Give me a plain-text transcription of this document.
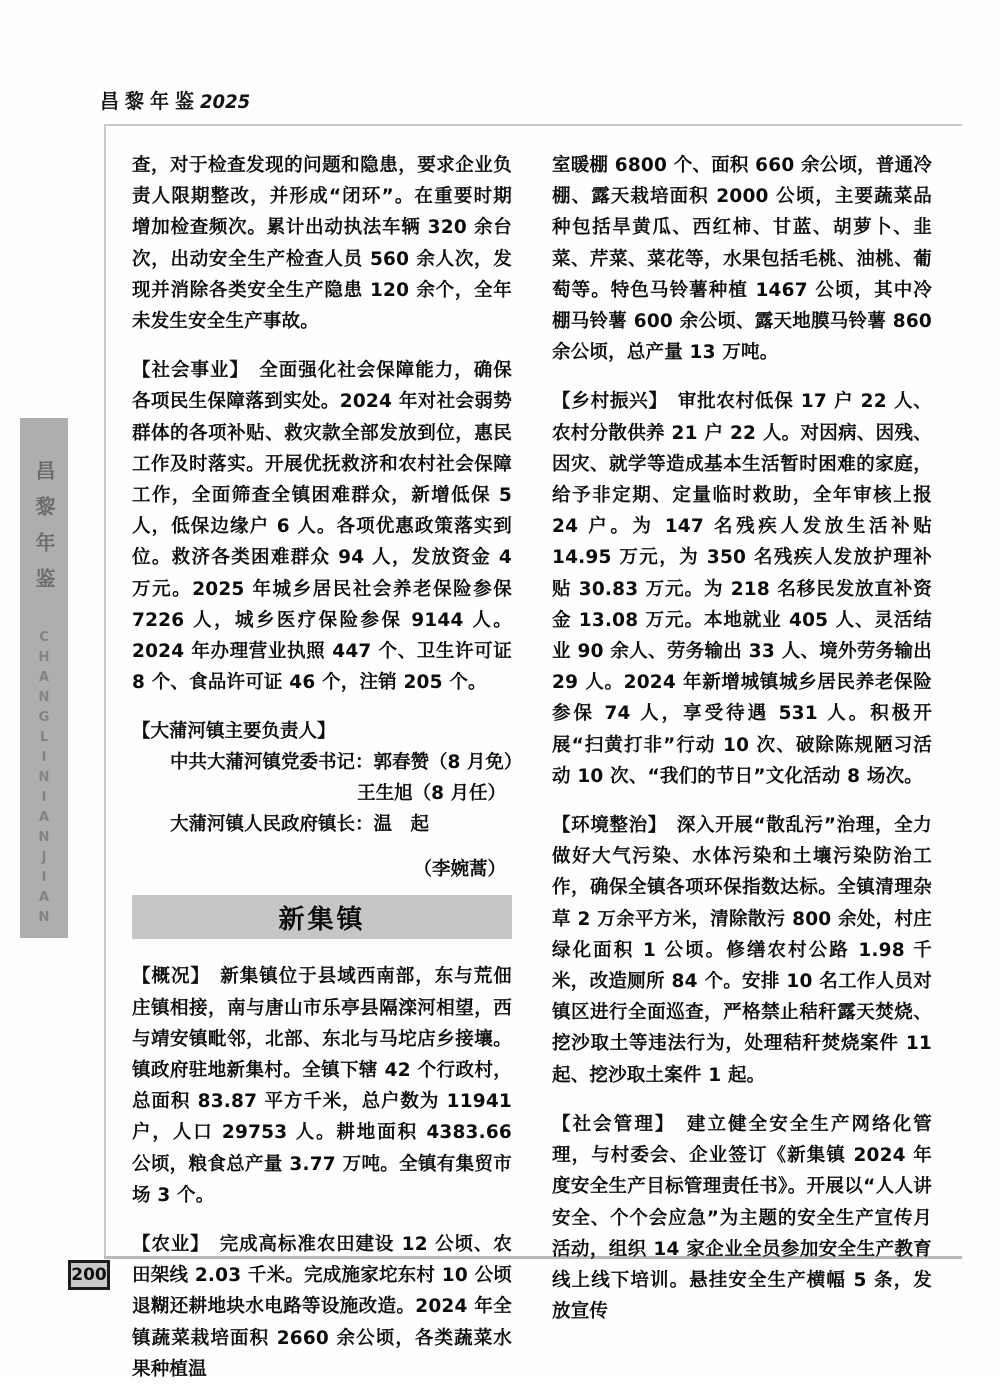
昌黎年鉴2025
昌黎年鉴
CHANGLINIANJIAN
200

查，对于检查发现的问题和隐患，要求企业负责人限期整改，并形成“闭环”。在重要时期增加检查频次。累计出动执法车辆 320 余台次，出动安全生产检查人员 560 余人次，发现并消除各类安全生产隐患 120 余个，全年未发生安全生产事故。

【社会事业】　 全面强化社会保障能力，确保各项民生保障落到实处。2024 年对社会弱势群体的各项补贴、救灾款全部发放到位，惠民工作及时落实。开展优抚救济和农村社会保障工作，全面筛查全镇困难群众，新增低保 5 人，低保边缘户 6 人。各项优惠政策落实到位。救济各类困难群众 94 人，发放资金 4 万元。2025 年城乡居民社会养老保险参保 7226 人，城乡医疗保险参保 9144 人。2024 年办理营业执照 447 个、卫生许可证 8 个、食品许可证 46 个，注销 205 个。

【大蒲河镇主要负责人】
中共大蒲河镇党委书记：郭春赞（8 月免）
王生旭（8 月任）
大蒲河镇人民政府镇长：温　起
（李婉蒿）
新集镇

【概况】　 新集镇位于县域西南部，东与荒佃庄镇相接，南与唐山市乐亭县隔滦河相望，西与靖安镇毗邻，北部、东北与马坨店乡接壤。镇政府驻地新集村。全镇下辖 42 个行政村，总面积 83.87 平方千米，总户数为 11941 户，人口 29753 人。耕地面积 4383.66 公顷，粮食总产量 3.77 万吨。全镇有集贸市场 3 个。

【农业】　 完成高标准农田建设 12 公顷、农田架线 2.03 千米。完成施家坨东村 10 公顷退糊还耕地块水电路等设施改造。2024 年全镇蔬菜栽培面积 2660 余公顷，各类蔬菜水果种植温

室暖棚 6800 个、面积 660 余公顷，普通冷棚、露天栽培面积 2000 公顷，主要蔬菜品种包括旱黄瓜、西红柿、甘蓝、胡萝卜、韭菜、芹菜、菜花等，水果包括毛桃、油桃、葡萄等。特色马铃薯种植 1467 公顷，其中冷棚马铃薯 600 余公顷、露天地膜马铃薯 860 余公顷，总产量 13 万吨。

【乡村振兴】　 审批农村低保 17 户 22 人、农村分散供养 21 户 22 人。对因病、因残、因灾、就学等造成基本生活暂时困难的家庭，给予非定期、定量临时救助，全年审核上报 24 户。为 147 名残疾人发放生活补贴 14.95 万元，为 350 名残疾人发放护理补贴 30.83 万元。为 218 名移民发放直补资金 13.08 万元。本地就业 405 人、灵活结业 90 余人、劳务输出 33 人、境外劳务输出 29 人。2024 年新增城镇城乡居民养老保险参保 74 人，享受待遇 531 人。积极开展“扫黄打非”行动 10 次、破除陈规陋习活动 10 次、“我们的节日”文化活动 8 场次。

【环境整治】　 深入开展“散乱污”治理，全力做好大气污染、水体污染和土壤污染防治工作，确保全镇各项环保指数达标。全镇清理杂草 2 万余平方米，清除散污 800 余处，村庄绿化面积 1 公顷。修缮农村公路 1.98 千米，改造厕所 84 个。安排 10 名工作人员对镇区进行全面巡查，严格禁止秸秆露天焚烧、挖沙取土等违法行为，处理秸秆焚烧案件 11 起、挖沙取土案件 1 起。

【社会管理】　 建立健全安全生产网络化管理，与村委会、企业签订《新集镇 2024 年度安全生产目标管理责任书》。开展以“人人讲安全、个个会应急”为主题的安全生产宣传月活动，组织 14 家企业全员参加安全生产教育线上线下培训。悬挂安全生产横幅 5 条，发放宣传
